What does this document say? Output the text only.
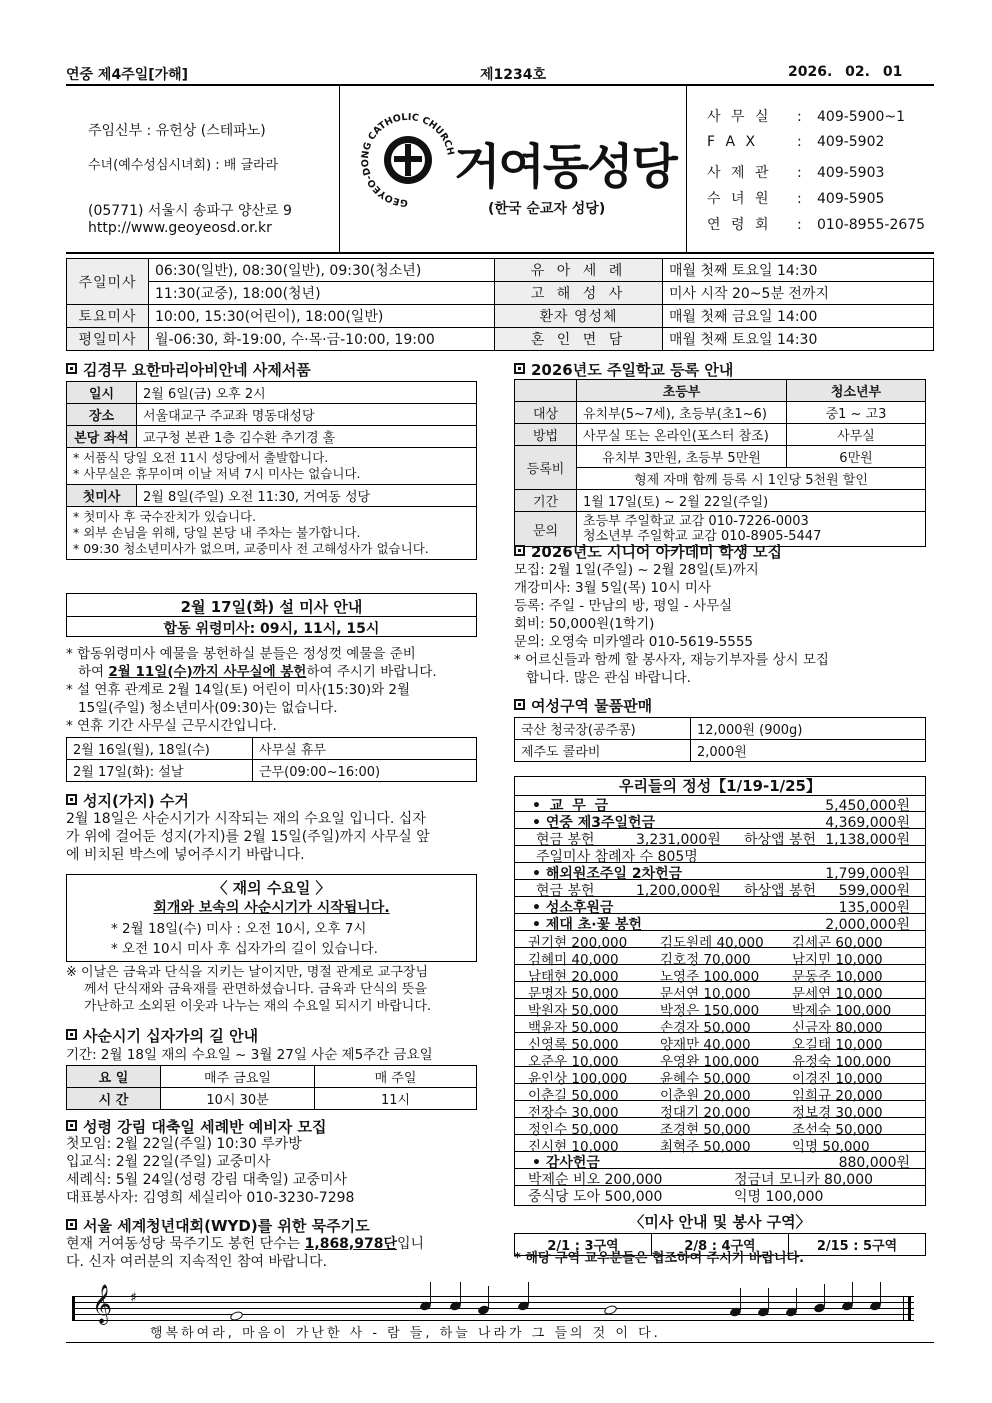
연중 제4주일[가해]	제1234호	2026. 02. 01
주임신부 : 유헌상 (스테파노)
수녀(예수성심시녀회) : 배 글라라
(05771) 서울시 송파구 양산로 9
http://www.geoyeosd.or.kr
GEOYEO-DONG CATHOLIC CHURCH
거여동성당
(한국 순교자 성당)
사 무 실 : 409-5900~1
F A X	: 409-5902
사 제 관 : 409-5903
수 녀 원 : 409-5905
연 령 회 : 010-8955-2675
주일미사	06:30(일반), 08:30(일반), 09:30(청소년)	유 아 세 례	매월 첫째 토요일 14:30
	11:30(교중), 18:00(청년)	고 해 성 사	미사 시작 20~5분 전까지
토요미사	10:00, 15:30(어린이), 18:00(일반)	환자 영성체	매월 첫째 금요일 14:00
평일미사	월-06:30, 화-19:00, 수·목·금-10:00, 19:00	혼 인 면 담	매월 첫째 토요일 14:30
김경무 요한마리아비안네 사제서품
일시	2월 6일(금) 오후 2시
장소	서울대교구 주교좌 명동대성당
본당 좌석	교구청 본관 1층 김수환 추기경 홀

* 서품식 당일 오전 11시 성당에서 출발합니다.
* 사무실은 휴무이며 이날 저녁 7시 미사는 없습니다.	

첫미사	2월 8일(주일) 오전 11:30, 거여동 성당

* 첫미사 후 국수잔치가 있습니다.
* 외부 손님을 위해, 당일 본당 내 주차는 불가합니다.
* 09:30 청소년미사가 없으며, 교중미사 전 고해성사가 없습니다.	
2월 17일(화) 설 미사 안내
합동 위령미사: 09시, 11시, 15시
* 합동위령미사 예물을 봉헌하실 분들은 정성껏 예물을 준비
하여 2월 11일(수)까지 사무실에 봉헌하여 주시기 바랍니다.
* 설 연휴 관계로 2월 14일(토) 어린이 미사(15:30)와 2월
15일(주일) 청소년미사(09:30)는 없습니다.
* 연휴 기간 사무실 근무시간입니다.
2월 16일(월), 18일(수)	사무실 휴무
2월 17일(화): 설날	근무(09:00~16:00)
성지(가지) 수거
2월 18일은 사순시기가 시작되는 재의 수요일 입니다. 십자
가 위에 걸어둔 성지(가지)를 2월 15일(주일)까지 사무실 앞
에 비치된 박스에 넣어주시기 바랍니다.
〈 재의 수요일 〉
회개와 보속의 사순시기가 시작됩니다.
* 2월 18일(수) 미사 : 오전 10시, 오후 7시
* 오전 10시 미사 후 십자가의 길이 있습니다.
※ 이날은 금육과 단식을 지키는 날이지만, 명절 관계로 교구장님
께서 단식재와 금육재를 관면하셨습니다. 금육과 단식의 뜻을
가난하고 소외된 이웃과 나누는 재의 수요일 되시기 바랍니다.
사순시기 십자가의 길 안내
기간: 2월 18일 재의 수요일 ~ 3월 27일 사순 제5주간 금요일
요 일	매주 금요일	매 주일
시 간	10시 30분	11시
성령 강림 대축일 세례반 예비자 모집
첫모임: 2월 22일(주일) 10:30 루카방
입교식: 2월 22일(주일) 교중미사
세례식: 5월 24일(성령 강림 대축일) 교중미사
대표봉사자: 김영희 세실리아 010-3230-7298
서울 세계청년대회(WYD)를 위한 묵주기도
현재 거여동성당 묵주기도 봉헌 단수는 1,868,978단입니
다. 신자 여러분의 지속적인 참여 바랍니다.
2026년도 주일학교 등록 안내
	초등부	청소년부
대상	유치부(5~7세), 초등부(초1~6)	중1 ~ 고3
방법	사무실 또는 온라인(포스터 참조)	사무실
등록비	유치부 3만원, 초등부 5만원	6만원
	형제 자매 함께 등록 시 1인당 5천원 할인	
기간	1월 17일(토) ~ 2월 22일(주일)	
문의	초등부 주일학교 교감 010-7226-0003
청소년부 주일학교 교감 010-8905-5447	
2026년도 시니어 아카데미 학생 모집
모집: 2월 1일(주일) ~ 2월 28일(토)까지
개강미사: 3월 5일(목) 10시 미사
등록: 주일 - 만남의 방, 평일 - 사무실
회비: 50,000원(1학기)
문의: 오영숙 미카엘라 010-5619-5555
* 어르신들과 함께 할 봉사자, 재능기부자를 상시 모집
합니다. 많은 관심 바랍니다.
여성구역 물품판매
국산 청국장(공주콩)	12,000원 (900g)
제주도 콜라비	2,000원
우리들의 정성【1/19-1/25】
• 교 무 금	5,450,000원
• 연중 제3주일헌금	4,369,000원
현금 봉헌	3,231,000원 하상앱 봉헌 1,138,000원
주일미사 참례자 수 805명
• 해외원조주일 2차헌금	1,799,000원
현금 봉헌	1,200,000원 하상앱 봉헌 599,000원
• 성소후원금	135,000원
• 제대 초·꽃 봉헌	2,000,000원
권기현 200,000 김도원레 40,000 김세곤 60,000
김혜미 40,000	김호정 70,000	남지민 10,000
남태현 20,000	노영주 100,000 문동주 10,000
문명자 50,000	문서연 10,000	문세연 10,000
박원자 50,000	박정은 150,000 박제순 100,000
백윤자 50,000	손경자 50,000	신금자 80,000
신영록 50,000	양재만 40,000	오길태 10,000
오준우 10,000	우영완 100,000 유정숙 100,000
윤인상 100,000 윤혜수 50,000	이경진 10,000
이춘길 50,000	이춘원 20,000	임희규 20,000
전장수 30,000	정대기 20,000	정보경 30,000
정인수 50,000	조경현 50,000	조선숙 50,000
진시현 10,000	최혁주 50,000	익명 50,000
• 감사헌금	880,000원
박제순 비오 200,000	정금녀 모니카 80,000
중식당 도아 500,000	익명 100,000
〈미사 안내 및 봉사 구역〉
2/1 : 3구역	2/8 : 4구역	2/15 : 5구역
* 해당 구역 교우분들은 협조하여 주시기 바랍니다.
𝄞 ♯
행복하여라, 마음이 가난한 사 - 람 들, 하늘 나라가 그 들의 것 이 다.
